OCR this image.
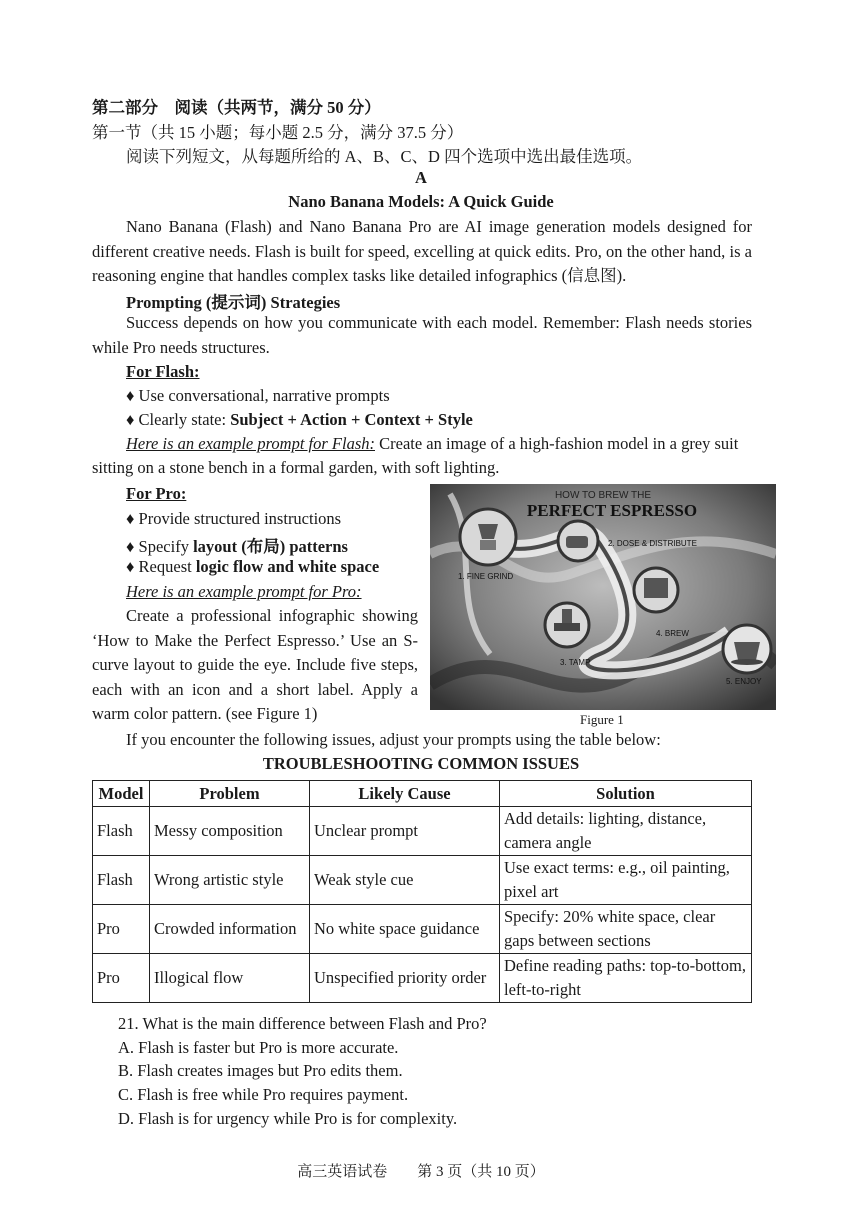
第二部分　阅读（共两节，满分 50 分）
第一节（共 15 小题；每小题 2.5 分，满分 37.5 分）
阅读下列短文，从每题所给的 A、B、C、D 四个选项中选出最佳选项。
A
Nano Banana Models: A Quick Guide

Nano Banana (Flash) and Nano Banana Pro are AI image generation models designed for different creative needs. Flash is built for speed, excelling at quick edits. Pro, on the other hand, is a reasoning engine that handles complex tasks like detailed infographics (信息图).

Prompting (提示词) Strategies

Success depends on how you communicate with each model. Remember: Flash needs stories while Pro needs structures.

For Flash:
♦ Use conversational, narrative prompts
♦ Clearly state: Subject + Action + Context + Style
Here is an example prompt for Flash: Create an image of a high-fashion model in a grey suit
sitting on a stone bench in a formal garden, with soft lighting.
For Pro:
♦ Provide structured instructions
♦ Specify layout (布局) patterns
♦ Request logic flow and white space
Here is an example prompt for Pro:

Create a professional infographic showing ‘How to Make the Perfect Espresso.’ Use an S-curve layout to guide the eye. Include five steps, each with an icon and a short label. Apply a warm color pattern. (see Figure 1)

HOW TO BREW THE
PERFECT ESPRESSO
1. FINE GRIND
2. DOSE & DISTRIBUTE
3. TAMP
4. BREW
5. ENJOY
Figure 1
If you encounter the following issues, adjust your prompts using the table below:
TROUBLESHOOTING COMMON ISSUES
Model	Problem	Likely Cause	Solution
Flash	Messy composition	Unclear prompt	Add details: lighting, distance, camera angle
Flash	Wrong artistic style	Weak style cue	Use exact terms: e.g., oil painting, pixel art
Pro	Crowded information	No white space guidance	Specify: 20% white space, clear gaps between sections
Pro	Illogical flow	Unspecified priority order	Define reading paths: top-to-bottom, left-to-right
21. What is the main difference between Flash and Pro?
A. Flash is faster but Pro is more accurate.
B. Flash creates images but Pro edits them.
C. Flash is free while Pro requires payment.
D. Flash is for urgency while Pro is for complexity.
高三英语试卷　　第 3 页（共 10 页）
